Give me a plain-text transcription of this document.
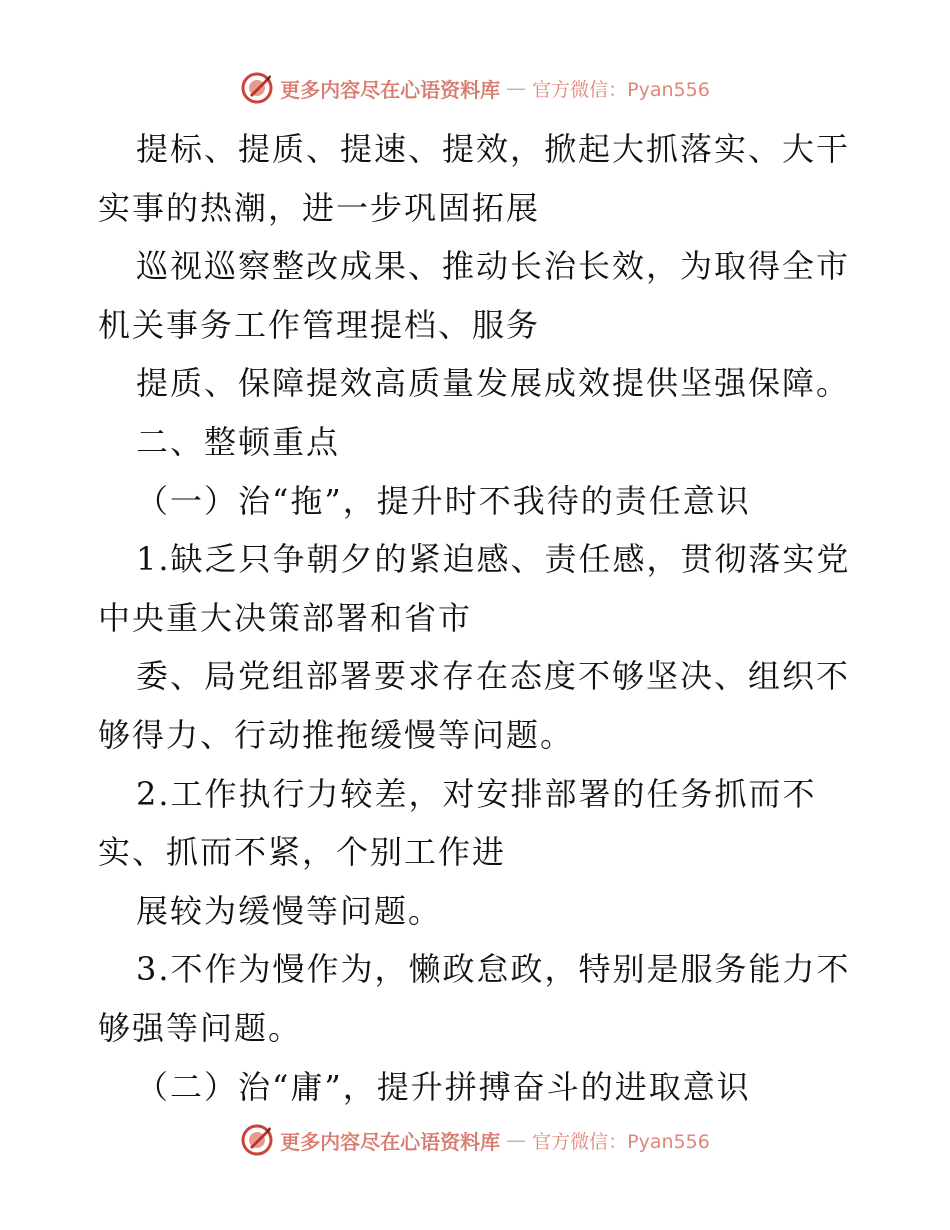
更多内容尽在心语资料库 — 官方微信：Pyan556
提标、提质、提速、提效，掀起大抓落实、大干
实事的热潮，进一步巩固拓展
巡视巡察整改成果、推动长治长效，为取得全市
机关事务工作管理提档、服务
提质、保障提效高质量发展成效提供坚强保障。
二、整顿重点
（一）治“拖”，提升时不我待的责任意识
1.缺乏只争朝夕的紧迫感、责任感，贯彻落实党
中央重大决策部署和省市
委、局党组部署要求存在态度不够坚决、组织不
够得力、行动推拖缓慢等问题。
2.工作执行力较差，对安排部署的任务抓而不
实、抓而不紧，个别工作进
展较为缓慢等问题。
3.不作为慢作为，懒政怠政，特别是服务能力不
够强等问题。
（二）治“庸”，提升拼搏奋斗的进取意识
更多内容尽在心语资料库 — 官方微信：Pyan556
